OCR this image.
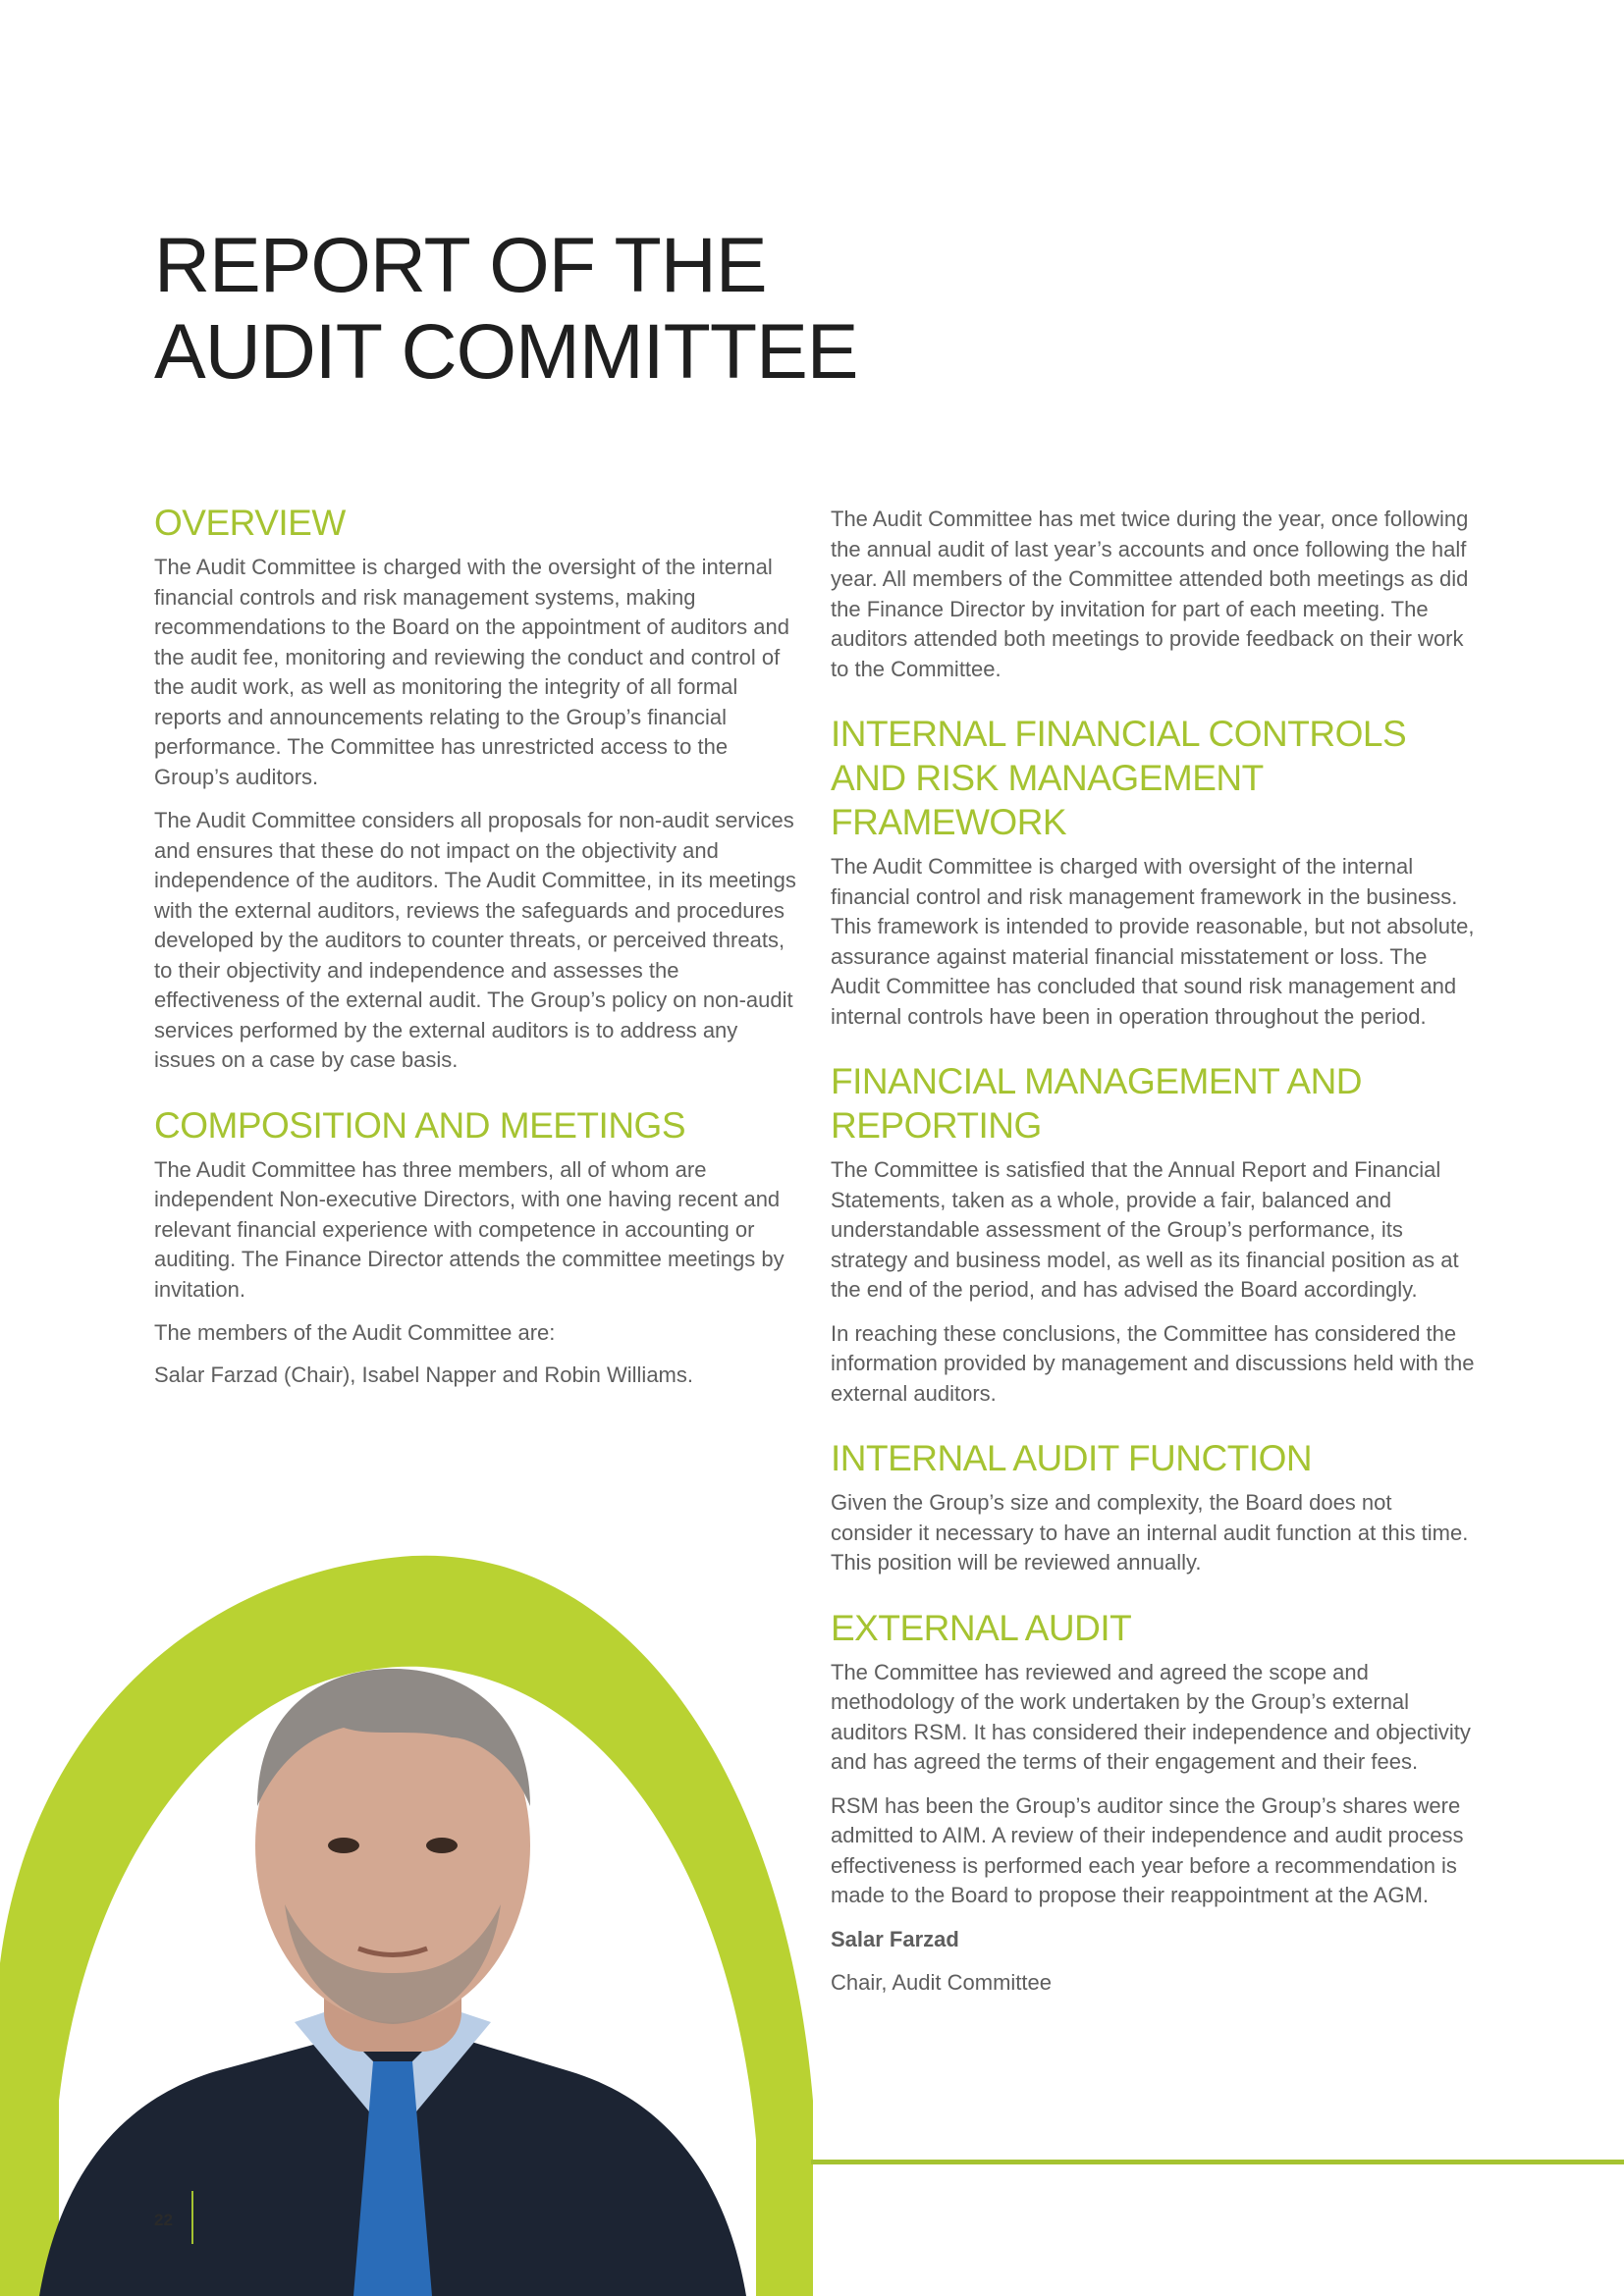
REPORT OF THE
AUDIT COMMITTEE
OVERVIEW

The Audit Committee is charged with the oversight of the internal financial controls and risk management systems, making recommendations to the Board on the appointment of auditors and the audit fee, monitoring and reviewing the conduct and control of the audit work, as well as monitoring the integrity of all formal reports and announcements relating to the Group’s financial performance. The Committee has unrestricted access to the Group’s auditors.

The Audit Committee considers all proposals for non-audit services and ensures that these do not impact on the objectivity and independence of the auditors. The Audit Committee, in its meetings with the external auditors, reviews the safeguards and procedures developed by the auditors to counter threats, or perceived threats, to their objectivity and independence and assesses the effectiveness of the external audit. The Group’s policy on non-audit services performed by the external auditors is to address any issues on a case by case basis.

COMPOSITION AND MEETINGS

The Audit Committee has three members, all of whom are independent Non-executive Directors, with one having recent and relevant financial experience with competence in accounting or auditing. The Finance Director attends the committee meetings by invitation.

The members of the Audit Committee are:

Salar Farzad (Chair), Isabel Napper and Robin Williams.

The Audit Committee has met twice during the year, once following the annual audit of last year’s accounts and once following the half year. All members of the Committee attended both meetings as did the Finance Director by invitation for part of each meeting. The auditors attended both meetings to provide feedback on their work to the Committee.

INTERNAL FINANCIAL CONTROLS AND RISK MANAGEMENT FRAMEWORK

The Audit Committee is charged with oversight of the internal financial control and risk management framework in the business. This framework is intended to provide reasonable, but not absolute, assurance against material financial misstatement or loss. The Audit Committee has concluded that sound risk management and internal controls have been in operation throughout the period.

FINANCIAL MANAGEMENT AND REPORTING

The Committee is satisfied that the Annual Report and Financial Statements, taken as a whole, provide a fair, balanced and understandable assessment of the Group’s performance, its strategy and business model, as well as its financial position as at the end of the period, and has advised the Board accordingly.

In reaching these conclusions, the Committee has considered the information provided by management and discussions held with the external auditors.

INTERNAL AUDIT FUNCTION

Given the Group’s size and complexity, the Board does not consider it necessary to have an internal audit function at this time. This position will be reviewed annually.

EXTERNAL AUDIT

The Committee has reviewed and agreed the scope and methodology of the work undertaken by the Group’s external auditors RSM. It has considered their independence and objectivity and has agreed the terms of their engagement and their fees.

RSM has been the Group’s auditor since the Group’s shares were admitted to AIM. A review of their independence and audit process effectiveness is performed each year before a recommendation is made to the Board to propose their reappointment at the AGM.

Salar Farzad

Chair, Audit Committee

22
